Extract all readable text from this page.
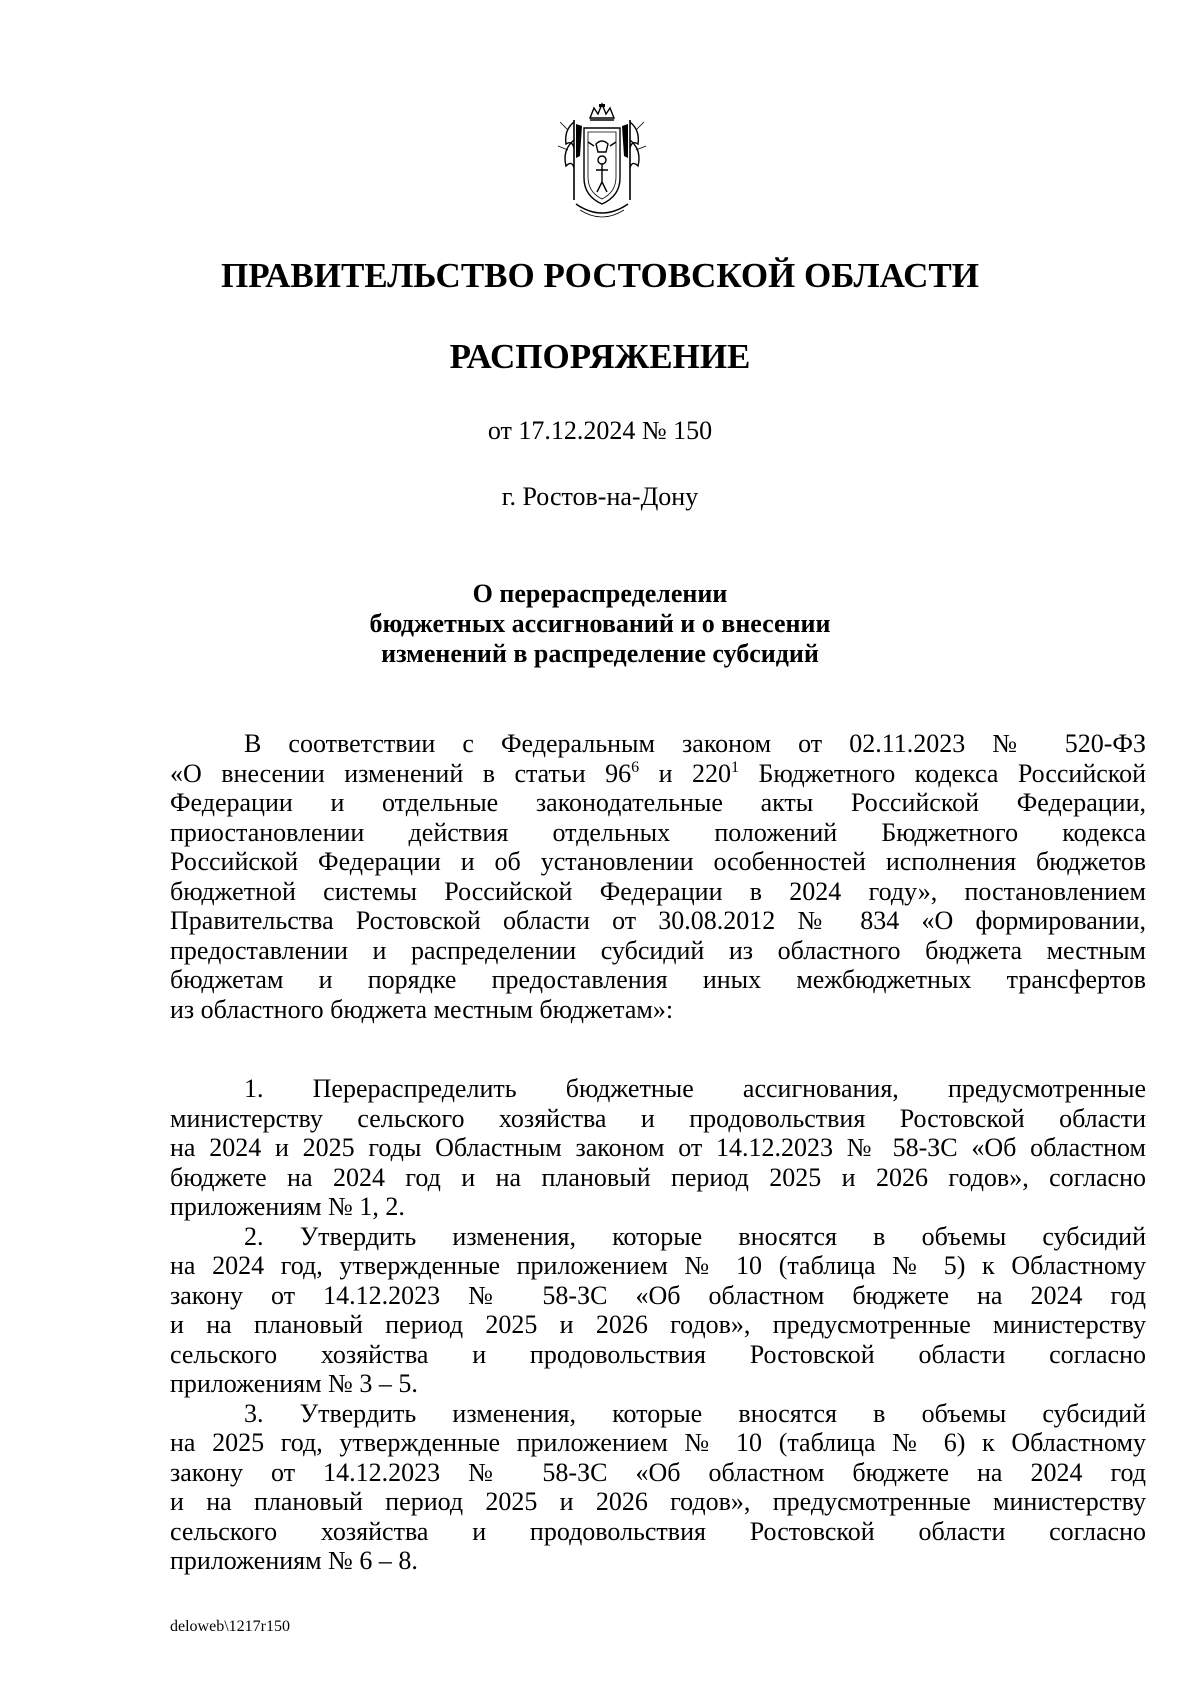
ПРАВИТЕЛЬСТВО РОСТОВСКОЙ ОБЛАСТИ
РАСПОРЯЖЕНИЕ

от 17.12.2024 № 150

г. Ростов-на-Дону

О перераспределении
бюджетных ассигнований и о внесении
изменений в распределение субсидий
В соответствии с Федеральным законом от 02.11.2023 № 520-ФЗ
«О внесении изменений в статьи $96^6$ и $220^1$ Бюджетного кодекса Российской
Федерации и отдельные законодательные акты Российской Федерации,
приостановлении действия отдельных положений Бюджетного кодекса
Российской Федерации и об установлении особенностей исполнения бюджетов
бюджетной системы Российской Федерации в 2024 году», постановлением
Правительства Ростовской области от 30.08.2012 № 834 «О формировании,
предоставлении и распределении субсидий из областного бюджета местным
бюджетам и порядке предоставления иных межбюджетных трансфертов
из областного бюджета местным бюджетам»:

1. Перераспределить бюджетные ассигнования, предусмотренные
министерству сельского хозяйства и продовольствия Ростовской области
на 2024 и 2025 годы Областным законом от 14.12.2023 № 58-ЗС «Об областном
бюджете на 2024 год и на плановый период 2025 и 2026 годов», согласно
приложениям № 1, 2.

2. Утвердить изменения, которые вносятся в объемы субсидий
на 2024 год, утвержденные приложением № 10 (таблица № 5) к Областному
закону от 14.12.2023 № 58-ЗС «Об областном бюджете на 2024 год
и на плановый период 2025 и 2026 годов», предусмотренные министерству
сельского хозяйства и продовольствия Ростовской области согласно
приложениям № 3 – 5.

3. Утвердить изменения, которые вносятся в объемы субсидий
на 2025 год, утвержденные приложением № 10 (таблица № 6) к Областному
закону от 14.12.2023 № 58-ЗС «Об областном бюджете на 2024 год
и на плановый период 2025 и 2026 годов», предусмотренные министерству
сельского хозяйства и продовольствия Ростовской области согласно
приложениям № 6 – 8.

deloweb\1217r150
